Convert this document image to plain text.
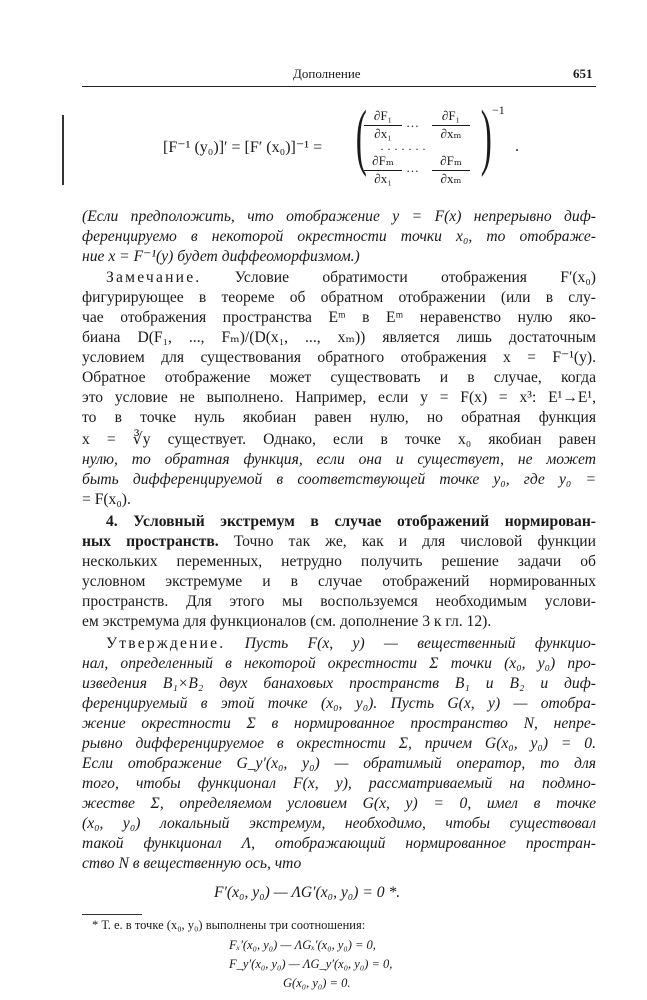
Дополнение	651
[F⁻¹ (y₀)]′ = [F′ (x₀)]⁻¹ = ( )
$\frac{\text{∂F₁}}{\text{∂x₁}}$ … $\frac{\text{∂F₁}}{\text{∂xₘ}}$
· · · · · · ·
$\frac{\text{∂Fₘ}}{\text{∂x₁}}$ … $\frac{\text{∂Fₘ}}{\text{∂xₘ}}$
−1
.
(Если предположить, что отображение y = F(x) непрерывно диф-
ференцируемо в некоторой окрестности точки x₀, то отображе-
ние x = F⁻¹(y) будет диффеоморфизмом.)
Замечание. Условие обратимости отображения F′(x₀)
фигурирующее в теореме об обратном отображении (или в слу-
чае отображения пространства Eᵐ в Eᵐ неравенство нулю яко-
биана D(F₁, ..., Fₘ)/(D(x₁, ..., xₘ)) является лишь достаточным
условием для существования обратного отображения x = F⁻¹(y).
Обратное отображение может существовать и в случае, когда
это условие не выполнено. Например, если y = F(x) = x³: E¹→E¹,
то в точке нуль якобиан равен нулю, но обратная функция
x = ∛y существует. Однако, если в точке x₀ якобиан равен
нулю, то обратная функция, если она и существует, не может
быть дифференцируемой в соответствующей точке y₀, где y₀ =
= F(x₀).
4. Условный экстремум в случае отображений нормирован-
ных пространств. Точно так же, как и для числовой функции
нескольких переменных, нетрудно получить решение задачи об
условном экстремуме и в случае отображений нормированных
пространств. Для этого мы воспользуемся необходимым услови-
ем экстремума для функционалов (см. дополнение 3 к гл. 12).
Утверждение. Пусть F(x, y) — вещественный функцио-
нал, определенный в некоторой окрестности Σ точки (x₀, y₀) про-
изведения B₁×B₂ двух банаховых пространств B₁ и B₂ и диф-
ференцируемый в этой точке (x₀, y₀). Пусть G(x, y) — отобра-
жение окрестности Σ в нормированное пространство N, непре-
рывно дифференцируемое в окрестности Σ, причем G(x₀, y₀) = 0.
Если отображение G_y′(x₀, y₀) — обратимый оператор, то для
того, чтобы функционал F(x, y), рассматриваемый на подмно-
жестве Σ, определяемом условием G(x, y) = 0, имел в точке
(x₀, y₀) локальный экстремум, необходимо, чтобы существовал
такой функционал Λ, отображающий нормированное простран-
ство N в вещественную ось, что
F′(x₀, y₀) — ΛG′(x₀, y₀) = 0 *.
* Т. е. в точке (x₀, y₀) выполнены три соотношения:
Fₓ′(x₀, y₀) — ΛGₓ′(x₀, y₀) = 0,
F_y′(x₀, y₀) — ΛG_y′(x₀, y₀) = 0,
G(x₀, y₀) = 0.
